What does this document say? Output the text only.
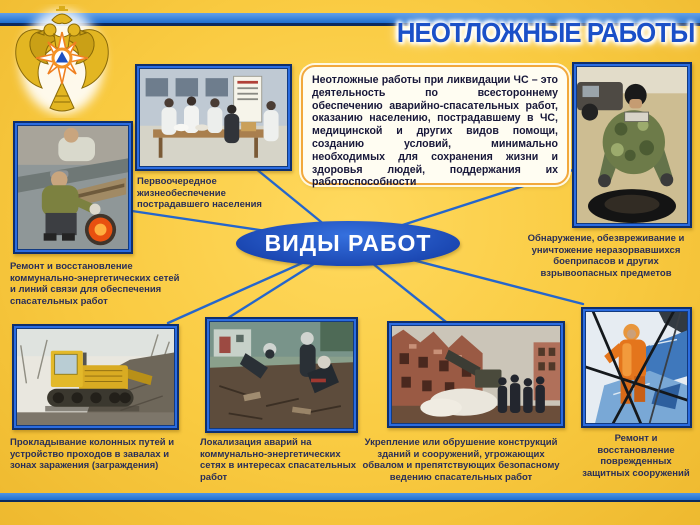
НЕОТЛОЖНЫЕ РАБОТЫ
Неотложные работы при ликвидации ЧС – это деятельность по всестороннему обеспечению аварийно-спасательных работ, оказанию населению, пострадавшему в ЧС, медицинской и других видов помощи, созданию условий, минимально необходимых для сохранения жизни и здоровья людей, поддержания их работоспособности
ВИДЫ РАБОТ
Первоочередное жизнеобеспечение пострадавшего населения
Ремонт и восстановление коммунально-энергетических сетей и линий связи для обеспечения спасательных работ
Обнаружение, обезвреживание и уничтожение неразорвавшихся боеприпасов и других взрывоопасных предметов
Прокладывание колонных путей и устройство проходов в завалах и зонах заражения (заграждения)
Локализация аварий на коммунально-энергетических сетях в интересах спасательных работ
Укрепление или обрушение конструкций зданий и сооружений, угрожающих обвалом и препятствующих безопасному ведению спасательных работ
Ремонт и восстановление поврежденных защитных сооружений
